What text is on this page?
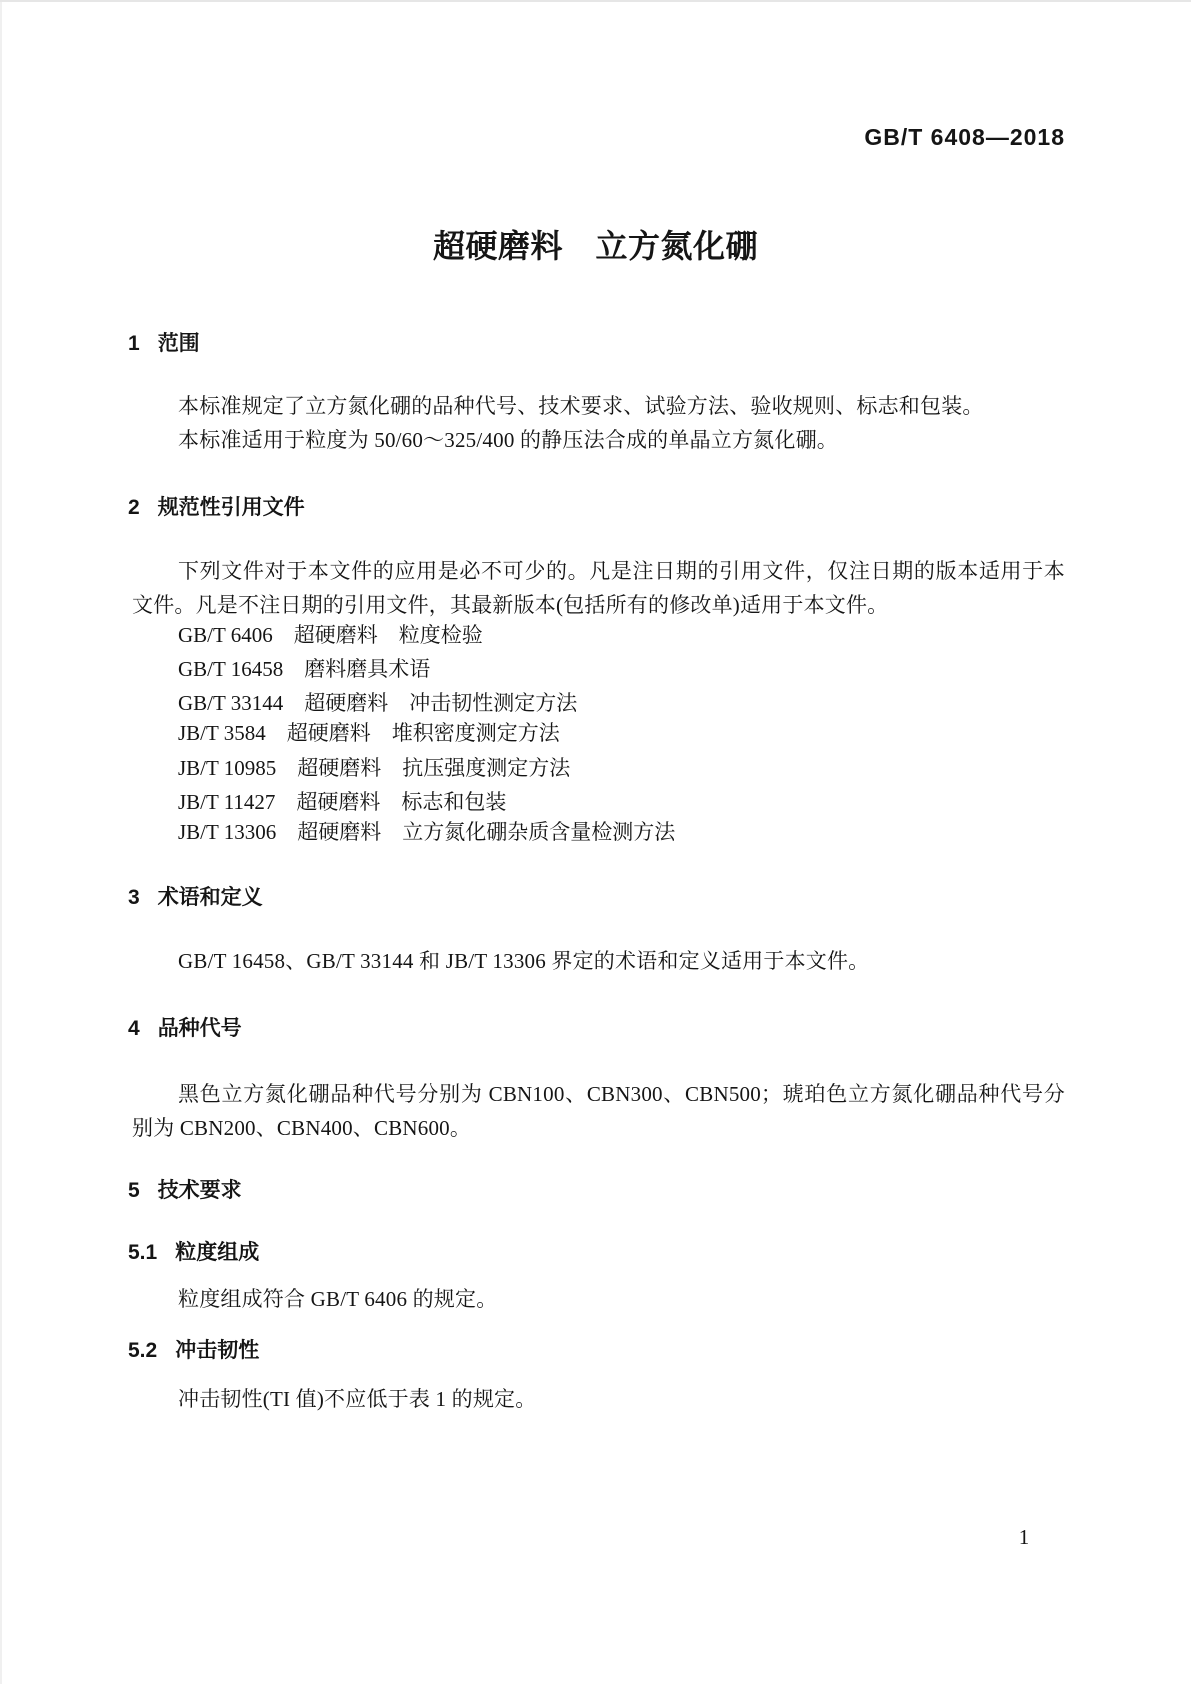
GB/T 6408—2018
超硬磨料　立方氮化硼
1 范围

本标准规定了立方氮化硼的品种代号、技术要求、试验方法、验收规则、标志和包装。

本标准适用于粒度为 50/60～325/400 的静压法合成的单晶立方氮化硼。

2 规范性引用文件

下列文件对于本文件的应用是必不可少的。凡是注日期的引用文件，仅注日期的版本适用于本文件。凡是不注日期的引用文件，其最新版本(包括所有的修改单)适用于本文件。

GB/T 6406　超硬磨料　粒度检验
GB/T 16458　磨料磨具术语
GB/T 33144　超硬磨料　冲击韧性测定方法
JB/T 3584　超硬磨料　堆积密度测定方法
JB/T 10985　超硬磨料　抗压强度测定方法
JB/T 11427　超硬磨料　标志和包装
JB/T 13306　超硬磨料　立方氮化硼杂质含量检测方法
3 术语和定义

GB/T 16458、GB/T 33144 和 JB/T 13306 界定的术语和定义适用于本文件。

4 品种代号

黑色立方氮化硼品种代号分别为 CBN100、CBN300、CBN500；琥珀色立方氮化硼品种代号分别为 CBN200、CBN400、CBN600。

5 技术要求
5.1 粒度组成

粒度组成符合 GB/T 6406 的规定。

5.2 冲击韧性

冲击韧性(TI 值)不应低于表 1 的规定。

1
